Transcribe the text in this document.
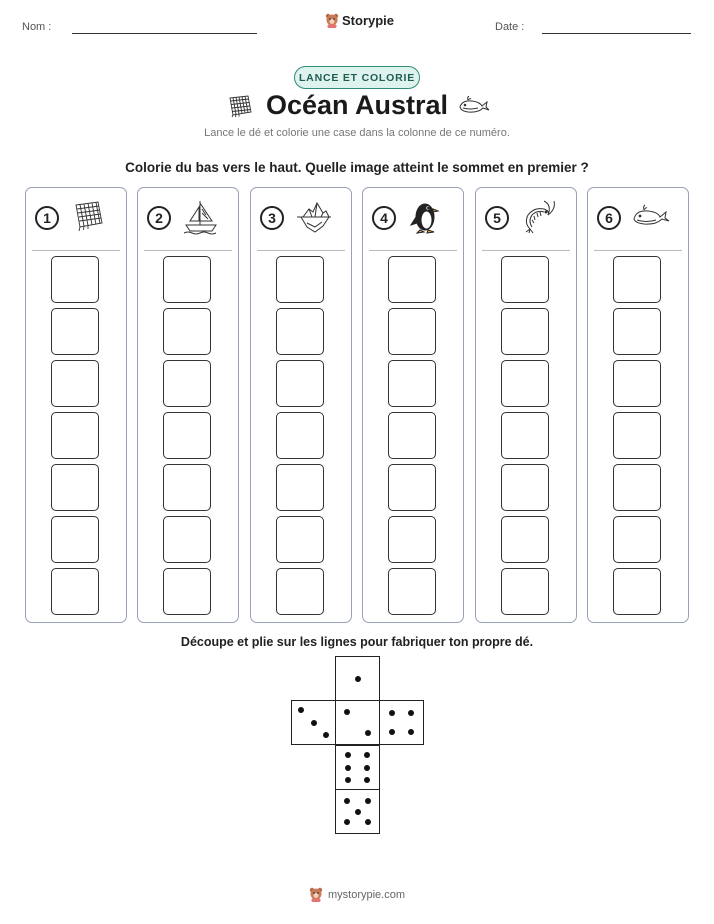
Nom :	Storypie	Date :
LANCE ET COLORIE
Océan Austral
Lance le dé et colorie une case dans la colonne de ce numéro.
Colorie du bas vers le haut. Quelle image atteint le sommet en premier ?
1	2	3	4	5	6
Découpe et plie sur les lignes pour fabriquer ton propre dé.
mystorypie.com
